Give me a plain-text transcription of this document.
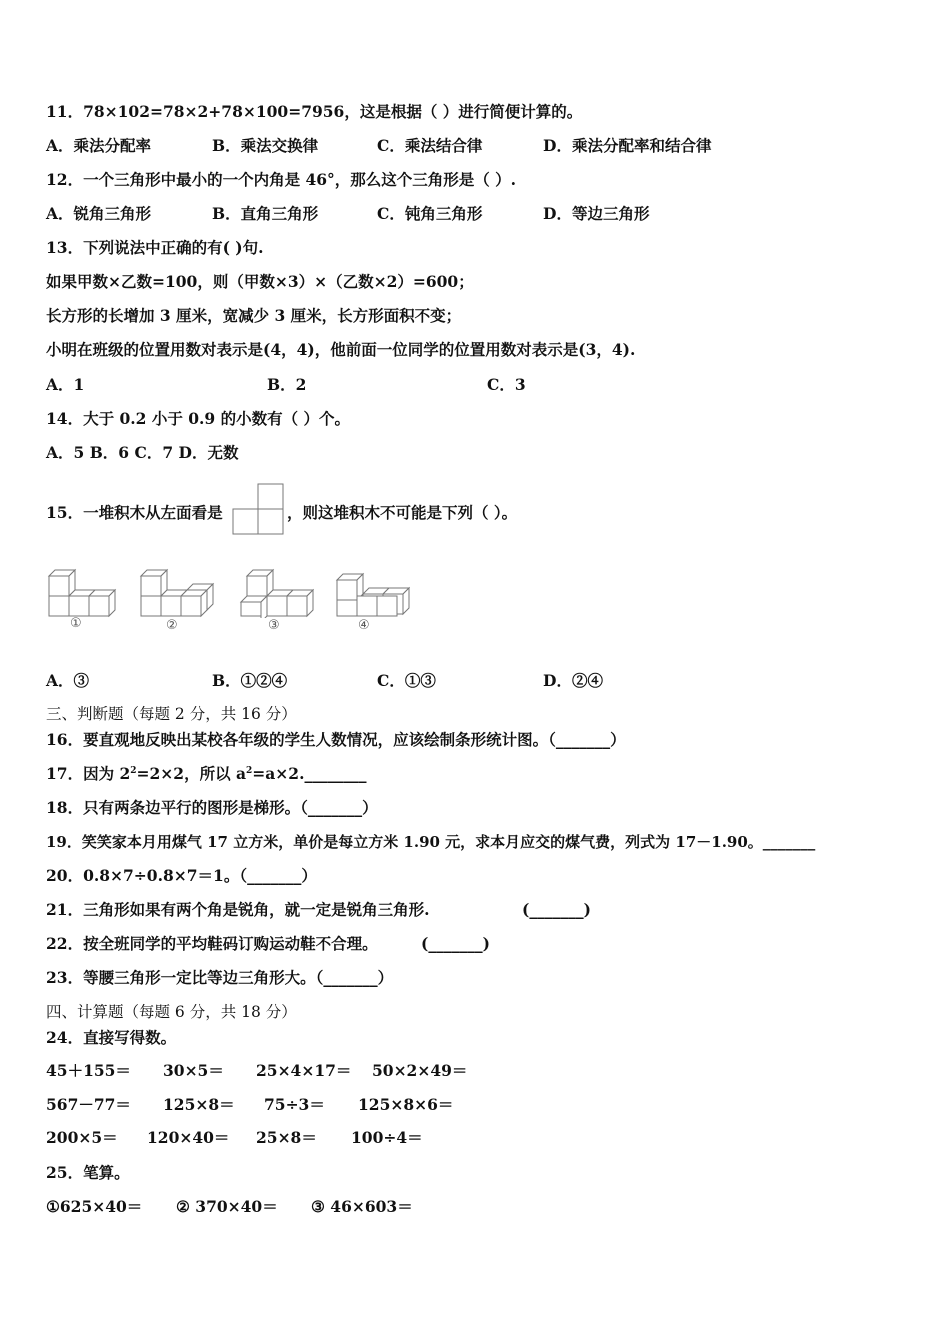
11．78×102=78×2+78×100=7956，这是根据（ ）进行简便计算的。
A．乘法分配率	B．乘法交换律	C．乘法结合律	D．乘法分配率和结合律
12．一个三角形中最小的一个内角是 46°，那么这个三角形是（ ）.
A．锐角三角形	B．直角三角形	C．钝角三角形	D．等边三角形
13．下列说法中正确的有( )句.
如果甲数×乙数=100，则（甲数×3）×（乙数×2）=600；
长方形的长增加 3 厘米，宽减少 3 厘米，长方形面积不变；
小明在班级的位置用数对表示是(4，4)，他前面一位同学的位置用数对表示是(3，4).
A．1	B．2	C．3
14．大于 0.2 小于 0.9 的小数有（ ）个。
A．5 B．6 C．7 D．无数
15．一堆积木从左面看是	，则这堆积木不可能是下列（ ）。
①	②	③	④
A．③	B．①②④	C．①③	D．②④
三、判断题（每题 2 分，共 16 分）
16．要直观地反映出某校各年级的学生人数情况，应该绘制条形统计图。（_______）
17．因为 $2^2=2\times 2$，所以 $a^2=a\times 2.\_\_\_\_\_\_\_\_$
18．只有两条边平行的图形是梯形。（_______）
19．笑笑家本月用煤气 17 立方米，单价是每立方米 1.90 元，求本月应交的煤气费，列式为 17－1.90。_______
20．0.8×7÷0.8×7＝1。（_______）
21．三角形如果有两个角是锐角，就一定是锐角三角形.	(_______)
22．按全班同学的平均鞋码订购运动鞋不合理。	(_______)
23．等腰三角形一定比等边三角形大。（_______）
四、计算题（每题 6 分，共 18 分）
24．直接写得数。
45＋155＝ 30×5＝ 25×4×17＝ 50×2×49＝
567－77＝ 125×8＝ 75÷3＝ 125×8×6＝
200×5＝ 120×40＝ 25×8＝ 100÷4＝
25．笔算。
①625×40＝ ② 370×40＝ ③ 46×603＝
